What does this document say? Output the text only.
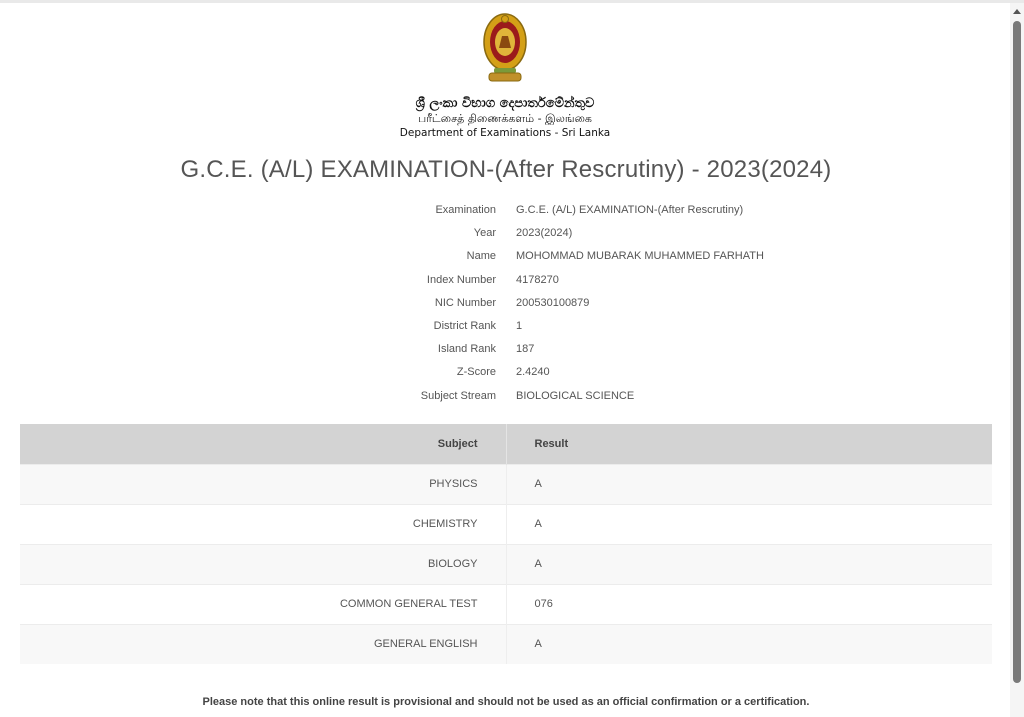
ශ්‍රී ලංකා විභාග දෙපාර්තමේන්තුව
பரீட்சைத் திணைக்களம் - இலங்கை
Department of Examinations - Sri Lanka
G.C.E. (A/L) EXAMINATION-(After Rescrutiny) - 2023(2024)
Examination G.C.E. (A/L) EXAMINATION-(After Rescrutiny)
Year 2023(2024)
Name MOHOMMAD MUBARAK MUHAMMED FARHATH
Index Number 4178270
NIC Number 200530100879
District Rank 1
Island Rank 187
Z-Score 2.4240
Subject Stream BIOLOGICAL SCIENCE
Subject	Result
PHYSICS	A
CHEMISTRY	A
BIOLOGY	A
COMMON GENERAL TEST	076
GENERAL ENGLISH	A
Please note that this online result is provisional and should not be used as an official confirmation or a certification.
